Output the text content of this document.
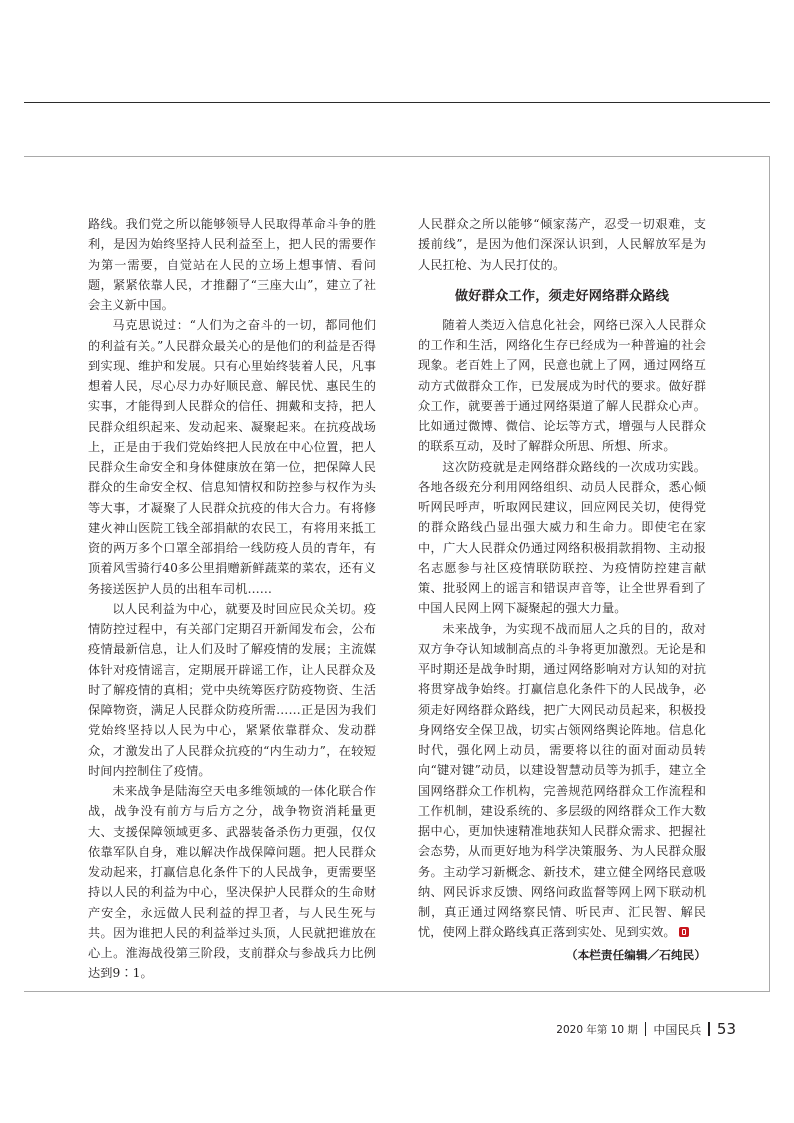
路线。我们党之所以能够领导人民取得革命斗争的胜利，是因为始终坚持人民利益至上，把人民的需要作为第一需要，自觉站在人民的立场上想事情、看问题，紧紧依靠人民，才推翻了“三座大山”，建立了社会主义新中国。

马克思说过：“人们为之奋斗的一切，都同他们的利益有关。”人民群众最关心的是他们的利益是否得到实现、维护和发展。只有心里始终装着人民，凡事想着人民，尽心尽力办好顺民意、解民忧、惠民生的实事，才能得到人民群众的信任、拥戴和支持，把人民群众组织起来、发动起来、凝聚起来。在抗疫战场上，正是由于我们党始终把人民放在中心位置，把人民群众生命安全和身体健康放在第一位，把保障人民群众的生命安全权、信息知情权和防控参与权作为头等大事，才凝聚了人民群众抗疫的伟大合力。有将修建火神山医院工钱全部捐献的农民工，有将用来抵工资的两万多个口罩全部捐给一线防疫人员的青年，有顶着风雪骑行40多公里捐赠新鲜蔬菜的菜农，还有义务接送医护人员的出租车司机……

以人民利益为中心，就要及时回应民众关切。疫情防控过程中，有关部门定期召开新闻发布会，公布疫情最新信息，让人们及时了解疫情的发展；主流媒体针对疫情谣言，定期展开辟谣工作，让人民群众及时了解疫情的真相；党中央统筹医疗防疫物资、生活保障物资，满足人民群众防疫所需……正是因为我们党始终坚持以人民为中心，紧紧依靠群众、发动群众，才激发出了人民群众抗疫的“内生动力”，在较短时间内控制住了疫情。

未来战争是陆海空天电多维领域的一体化联合作战，战争没有前方与后方之分，战争物资消耗量更大、支援保障领域更多、武器装备杀伤力更强，仅仅依靠军队自身，难以解决作战保障问题。把人民群众发动起来，打赢信息化条件下的人民战争，更需要坚持以人民的利益为中心，坚决保护人民群众的生命财产安全，永远做人民利益的捍卫者，与人民生死与共。因为谁把人民的利益举过头顶，人民就把谁放在心上。淮海战役第三阶段，支前群众与参战兵力比例达到9∶1。

人民群众之所以能够“倾家荡产，忍受一切艰难，支援前线”，是因为他们深深认识到，人民解放军是为人民扛枪、为人民打仗的。

做好群众工作，须走好网络群众路线

随着人类迈入信息化社会，网络已深入人民群众的工作和生活，网络化生存已经成为一种普遍的社会现象。老百姓上了网，民意也就上了网，通过网络互动方式做群众工作，已发展成为时代的要求。做好群众工作，就要善于通过网络渠道了解人民群众心声。比如通过微博、微信、论坛等方式，增强与人民群众的联系互动，及时了解群众所思、所想、所求。

这次防疫就是走网络群众路线的一次成功实践。各地各级充分利用网络组织、动员人民群众，悉心倾听网民呼声，听取网民建议，回应网民关切，使得党的群众路线凸显出强大威力和生命力。即使宅在家中，广大人民群众仍通过网络积极捐款捐物、主动报名志愿参与社区疫情联防联控、为疫情防控建言献策、批驳网上的谣言和错误声音等，让全世界看到了中国人民网上网下凝聚起的强大力量。

未来战争，为实现不战而屈人之兵的目的，敌对双方争夺认知域制高点的斗争将更加激烈。无论是和平时期还是战争时期，通过网络影响对方认知的对抗将贯穿战争始终。打赢信息化条件下的人民战争，必须走好网络群众路线，把广大网民动员起来，积极投身网络安全保卫战，切实占领网络舆论阵地。信息化时代，强化网上动员，需要将以往的面对面动员转向“键对键”动员，以建设智慧动员等为抓手，建立全国网络群众工作机构，完善规范网络群众工作流程和工作机制，建设系统的、多层级的网络群众工作大数据中心，更加快速精准地获知人民群众需求、把握社会态势，从而更好地为科学决策服务、为人民群众服务。主动学习新概念、新技术，建立健全网络民意吸纳、网民诉求反馈、网络问政监督等网上网下联动机制，真正通过网络察民情、听民声、汇民智、解民忧，使网上群众路线真正落到实处、见到实效。

（本栏责任编辑／石纯民）

2020 年第 10 期 中国民兵 53
